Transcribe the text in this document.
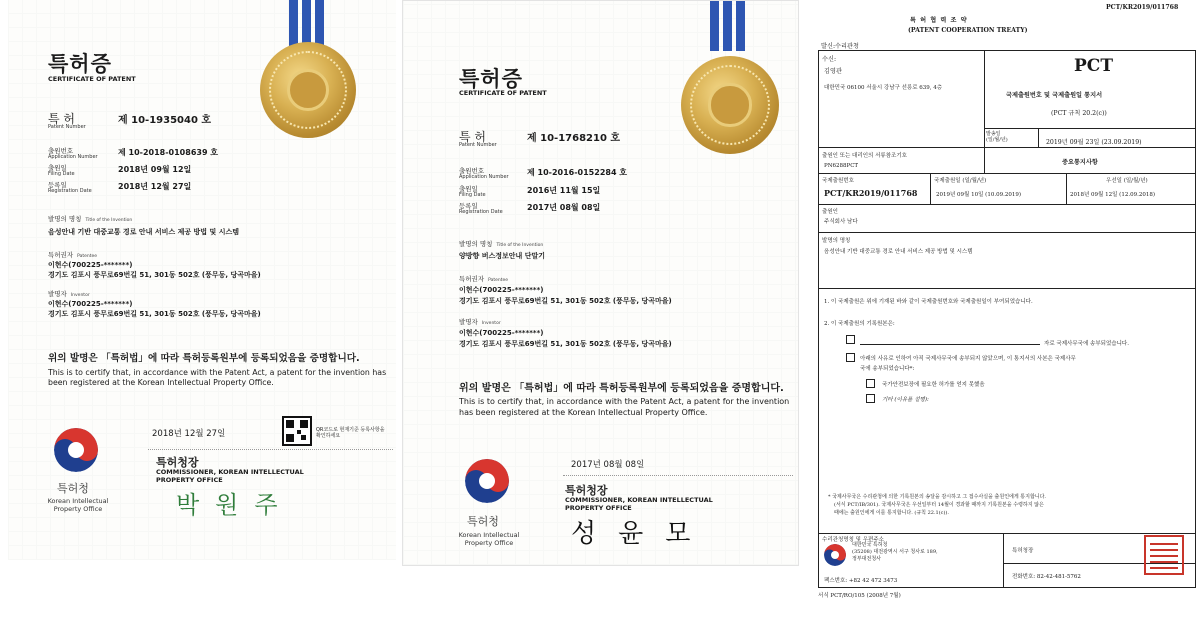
특허증
CERTIFICATE OF PATENT
특 허
Patent Number
제 10-1935040 호
출원번호
Application Number	제 10-2018-0108639 호
출원일
Filing Date	2018년 09월 12일
등록일
Registration Date	2018년 12월 27일
발명의 명칭 Title of the Invention
음성안내 기반 대중교통 경로 안내 서비스 제공 방법 및 시스템
특허권자 Patentee
이현수(700225-*******)
경기도 김포시 풍무로69번길 51, 301동 502호 (풍무동, 당곡마을)
발명자 Inventor
이현수(700225-*******)
경기도 김포시 풍무로69번길 51, 301동 502호 (풍무동, 당곡마을)
위의 발명은 「특허법」에 따라 특허등록원부에 등록되었음을 증명합니다.
This is to certify that, in accordance with the Patent Act, a patent for the invention has been registered at the Korean Intellectual Property Office.
특허청
Korean Intellectual Property Office
2018년 12월 27일	QR코드로 현재기준 등록사항을 확인하세요
특허청장
COMMISSIONER, KOREAN INTELLECTUAL PROPERTY OFFICE
박원주
특허증
CERTIFICATE OF PATENT
특 허
Patent Number
제 10-1768210 호
출원번호
Application Number 제 10-2016-0152284 호
출원일
Filing Date	2016년 11월 15일
등록일
Registration Date	2017년 08월 08일
발명의 명칭 Title of the Invention
양방향 버스정보안내 단말기
특허권자 Patentee
이현수(700225-*******)
경기도 김포시 풍무로69번길 51, 301동 502호 (풍무동, 당곡마을)
발명자 Inventor
이현수(700225-*******)
경기도 김포시 풍무로69번길 51, 301동 502호 (풍무동, 당곡마을)
위의 발명은 「특허법」에 따라 특허등록원부에 등록되었음을 증명합니다.
This is to certify that, in accordance with the Patent Act, a patent for the invention has been registered at the Korean Intellectual Property Office.
특허청
Korean Intellectual Property Office
2017년 08월 08일
특허청장
COMMISSIONER, KOREAN INTELLECTUAL PROPERTY OFFICE
성윤모
PCT/KR2019/011768
특 허 협 력 조 약
(PATENT COOPERATION TREATY)
발신:수리관청
수신:
김영관
대한민국 06100 서울시 강남구 선릉로 639, 4층
PCT
국제출원번호 및 국제출원일 통지서
(PCT 규칙 20.2(c))
발송일
(일/월/년)	2019년 09월 23일 (23.09.2019)
출원인 또는 대리인의 서류참조기호
PN6288PCT	중요통지사항
국제출원번호
PCT/KR2019/011768
국제출원일 (일/월/년)
2019년 09월 10일 (10.09.2019)
우선일 (일/월/년)
2018년 09월 12일 (12.09.2018)
출원인
주식회사 남다
발명의 명칭
음성안내 기반 대중교통 경로 안내 서비스 제공 방법 및 시스템
1. 이 국제출원은 위에 기재된 바와 같이 국제출원번호와 국제출원일이 부여되었습니다.
2. 이 국제출원의 기록원본은:
자로 국제사무국에 송부되었습니다.
아래의 사유로 인하여 아직 국제사무국에 송부되지 않았으며, 이 통지서의 사본은 국제사무
국에 송부되었습니다*:
국가안전보장에 필요한 허가를 얻지 못했음
기타 (이유를 설명):
* 국제사무국은 수리관청에 의한 기록원본의 송달을 감시하고 그 접수사실을 출원인에게 통지합니다.
(서식 PCT/IB/301). 국제사무국은 우선일부터 14월이 경과할 때까지 기록원본을 수령하지 않은
때에는 출원인에게 이를 통지합니다. (규칙 22.1(c)).
수리관청명칭 및 우편주소
대한민국 특허청
(35208) 대전광역시 서구 청사로 189,
정부대전청사
팩스번호: +82 42 472 3473
특허청장
전화번호: 82-42-481-5762
서식 PCT/RO/105 (2008년 7월)
